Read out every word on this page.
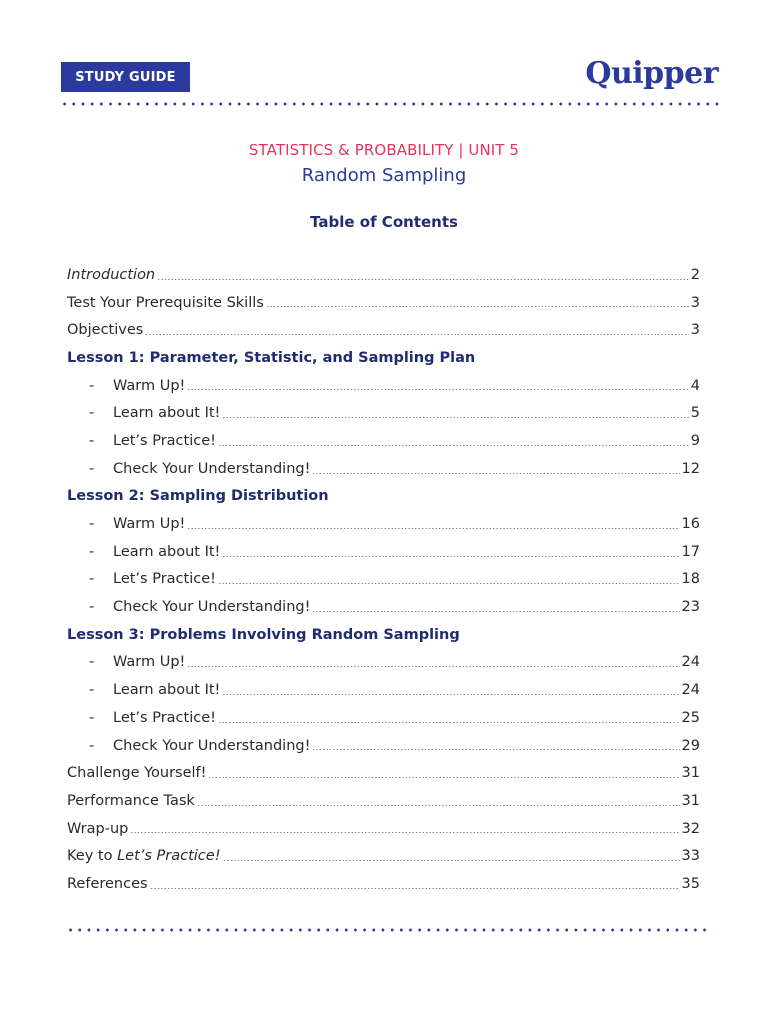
STUDY GUIDE	Quipper
STATISTICS & PROBABILITY | UNIT 5
Random Sampling
Table of Contents
Introduction	2
Test Your Prerequisite Skills	3
Objectives	3
Lesson 1: Parameter, Statistic, and Sampling Plan
-	Warm Up!	4
-	Learn about It!	5
-	Let’s Practice!	9
-	Check Your Understanding!	12
Lesson 2: Sampling Distribution
-	Warm Up!	16
-	Learn about It!	17
-	Let’s Practice!	18
-	Check Your Understanding!	23
Lesson 3: Problems Involving Random Sampling
-	Warm Up!	24
-	Learn about It!	24
-	Let’s Practice!	25
-	Check Your Understanding!	29
Challenge Yourself!	31
Performance Task	31
Wrap-up	32
Key to Let’s Practice!	33
References	35
